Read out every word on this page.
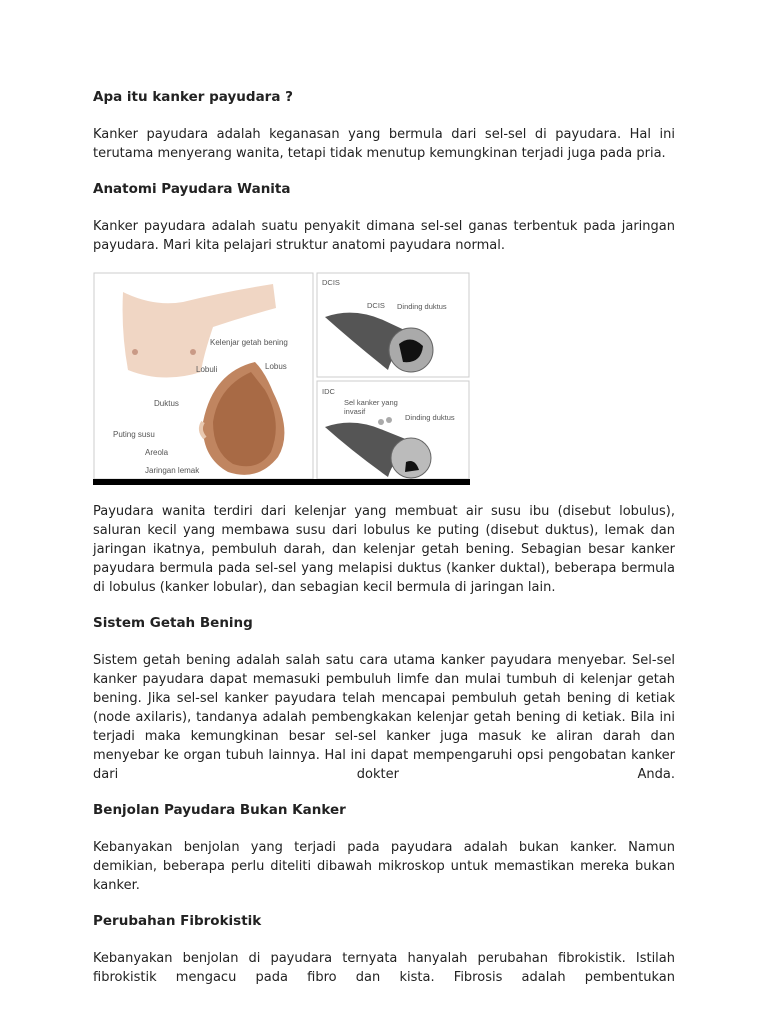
Apa itu kanker payudara ?

Kanker payudara adalah keganasan yang bermula dari sel-sel di payudara. Hal ini terutama menyerang wanita, tetapi tidak menutup kemungkinan terjadi juga pada pria.

Anatomi Payudara Wanita

Kanker payudara adalah suatu penyakit dimana sel-sel ganas terbentuk pada jaringan payudara. Mari kita pelajari struktur anatomi payudara normal.

Kelenjar getah bening
Lobuli	Lobus
Duktus
Puting susu
Areola
Jaringan lemak
DCIS
DCIS Dinding duktus
IDC
Sel kanker yang
invasif
Dinding duktus

Payudara wanita terdiri dari kelenjar yang membuat air susu ibu (disebut lobulus), saluran kecil yang membawa susu dari lobulus ke puting (disebut duktus), lemak dan jaringan ikatnya, pembuluh darah, dan kelenjar getah bening. Sebagian besar kanker payudara bermula pada sel-sel yang melapisi duktus (kanker duktal), beberapa bermula di lobulus (kanker lobular), dan sebagian kecil bermula di jaringan lain.

Sistem Getah Bening

Sistem getah bening adalah salah satu cara utama kanker payudara menyebar. Sel-sel kanker payudara dapat memasuki pembuluh limfe dan mulai tumbuh di kelenjar getah bening. Jika sel-sel kanker payudara telah mencapai pembuluh getah bening di ketiak (node axilaris), tandanya adalah pembengkakan kelenjar getah bening di ketiak. Bila ini terjadi maka kemungkinan besar sel-sel kanker juga masuk ke aliran darah dan menyebar ke organ tubuh lainnya. Hal ini dapat mempengaruhi opsi pengobatan kanker dari dokter Anda.

Benjolan Payudara Bukan Kanker

Kebanyakan benjolan yang terjadi pada payudara adalah bukan kanker. Namun demikian, beberapa perlu diteliti dibawah mikroskop untuk memastikan mereka bukan kanker.

Perubahan Fibrokistik

Kebanyakan benjolan di payudara ternyata hanyalah perubahan fibrokistik. Istilah fibrokistik mengacu pada fibro dan kista. Fibrosis adalah pembentukan
